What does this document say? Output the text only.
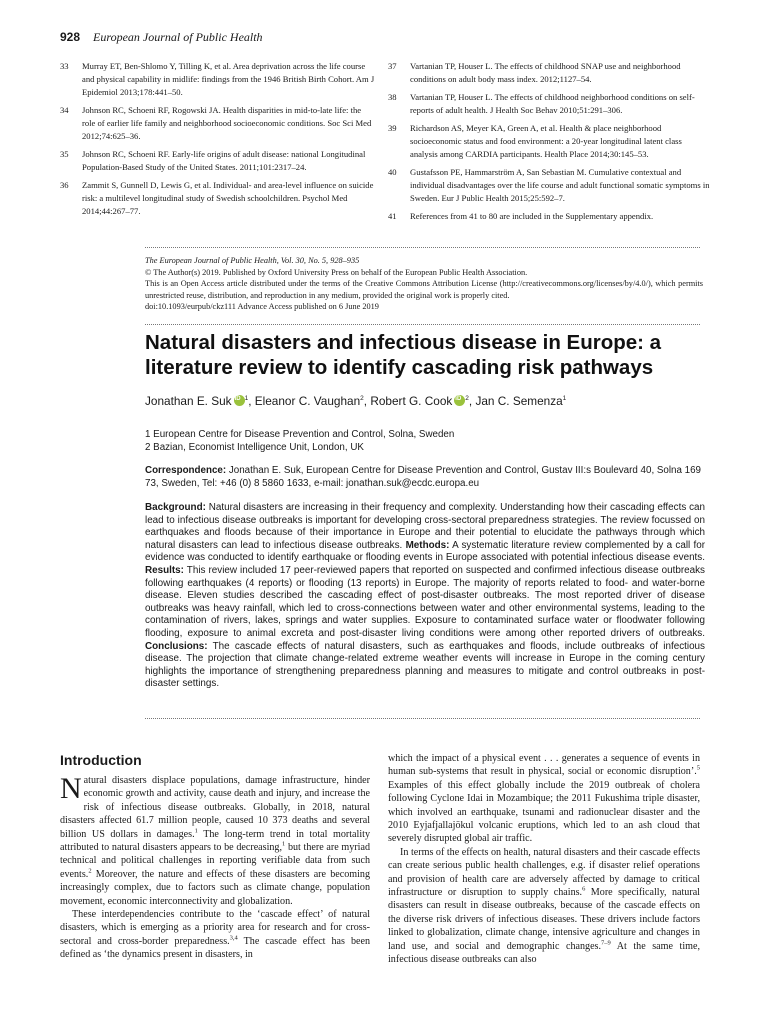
928 European Journal of Public Health
33	Murray ET, Ben-Shlomo Y, Tilling K, et al. Area deprivation across the life course and physical capability in midlife: findings from the 1946 British Birth Cohort. Am J Epidemiol 2013;178:441–50.
34	Johnson RC, Schoeni RF, Rogowski JA. Health disparities in mid-to-late life: the role of earlier life family and neighborhood socioeconomic conditions. Soc Sci Med 2012;74:625–36.
35	Johnson RC, Schoeni RF. Early-life origins of adult disease: national Longitudinal Population-Based Study of the United States. 2011;101:2317–24.
36	Zammit S, Gunnell D, Lewis G, et al. Individual- and area-level influence on suicide risk: a multilevel longitudinal study of Swedish schoolchildren. Psychol Med 2014;44:267–77.
37	Vartanian TP, Houser L. The effects of childhood SNAP use and neighborhood conditions on adult body mass index. 2012;1127–54.
38	Vartanian TP, Houser L. The effects of childhood neighborhood conditions on self-reports of adult health. J Health Soc Behav 2010;51:291–306.
39	Richardson AS, Meyer KA, Green A, et al. Health & place neighborhood socioeconomic status and food environment: a 20-year longitudinal latent class analysis among CARDIA participants. Health Place 2014;30:145–53.
40	Gustafsson PE, Hammarström A, San Sebastian M. Cumulative contextual and individual disadvantages over the life course and adult functional somatic symptoms in Sweden. Eur J Public Health 2015;25:592–7.
41	References from 41 to 80 are included in the Supplementary appendix.
The European Journal of Public Health, Vol. 30, No. 5, 928–935
© The Author(s) 2019. Published by Oxford University Press on behalf of the European Public Health Association.
This is an Open Access article distributed under the terms of the Creative Commons Attribution License (http://creativecommons.org/licenses/by/4.0/), which permits unrestricted reuse, distribution, and reproduction in any medium, provided the original work is properly cited.
doi:10.1093/eurpub/ckz111 Advance Access published on 6 June 2019
Natural disasters and infectious disease in Europe: a literature review to identify cascading risk pathways
Jonathan E. Suk iD $^1$, Eleanor C. Vaughan$^2$, Robert G. Cook iD $^2$, Jan C. Semenza$^1$
1 European Centre for Disease Prevention and Control, Solna, Sweden
2 Bazian, Economist Intelligence Unit, London, UK
Correspondence: Jonathan E. Suk, European Centre for Disease Prevention and Control, Gustav III:s Boulevard 40, Solna 169 73, Sweden, Tel: +46 (0) 8 5860 1633, e-mail: jonathan.suk@ecdc.europa.eu
Background: Natural disasters are increasing in their frequency and complexity. Understanding how their cascading effects can lead to infectious disease outbreaks is important for developing cross-sectoral preparedness strategies. The review focussed on earthquakes and floods because of their importance in Europe and their potential to elucidate the pathways through which natural disasters can lead to infectious disease outbreaks. Methods: A systematic literature review complemented by a call for evidence was conducted to identify earthquake or flooding events in Europe associated with potential infectious disease events. Results: This review included 17 peer-reviewed papers that reported on suspected and confirmed infectious disease outbreaks following earthquakes (4 reports) or flooding (13 reports) in Europe. The majority of reports related to food- and water-borne disease. Eleven studies described the cascading effect of post-disaster outbreaks. The most reported driver of disease outbreaks was heavy rainfall, which led to cross-connections between water and other environmental systems, leading to the contamination of rivers, lakes, springs and water supplies. Exposure to contaminated surface water or floodwater following flooding, exposure to animal excreta and post-disaster living conditions were among other reported drivers of outbreaks. Conclusions: The cascade effects of natural disasters, such as earthquakes and floods, include outbreaks of infectious disease. The projection that climate change-related extreme weather events will increase in Europe in the coming century highlights the importance of strengthening preparedness planning and measures to mitigate and control outbreaks in post-disaster settings.
Introduction

Natural disasters displace populations, damage infrastructure, hinder economic growth and activity, cause death and injury, and increase the risk of infectious disease outbreaks. Globally, in 2018, natural disasters affected 61.7 million people, caused 10 373 deaths and several billion US dollars in damages.$^1$ The long-term trend in total mortality attributed to natural disasters appears to be decreasing,$^1$ but there are myriad technical and political challenges in reporting verifiable data from such events.$^2$ Moreover, the nature and effects of these disasters are becoming increasingly complex, due to factors such as climate change, population movement, economic interconnectivity and globalization.

These interdependencies contribute to the ‘cascade effect’ of natural disasters, which is emerging as a priority area for research and for cross-sectoral and cross-border preparedness.$^{3,4}$ The cascade effect has been defined as ‘the dynamics present in disasters, in

which the impact of a physical event . . . generates a sequence of events in human sub-systems that result in physical, social or economic disruption’.$^5$ Examples of this effect globally include the 2019 outbreak of cholera following Cyclone Idai in Mozambique; the 2011 Fukushima triple disaster, which involved an earthquake, tsunami and radionuclear disaster and the 2010 Eyjafjallajökul volcanic eruptions, which led to an ash cloud that severely disrupted global air traffic.

In terms of the effects on health, natural disasters and their cascade effects can create serious public health challenges, e.g. if disaster relief operations and provision of health care are adversely affected by damage to critical infrastructure or disruption to supply chains.$^6$ More specifically, natural disasters can result in disease outbreaks, because of the cascade effects on the diverse risk drivers of infectious diseases. These drivers include factors linked to globalization, climate change, intensive agriculture and changes in land use, and social and demographic changes.$^{7-9}$ At the same time, infectious disease outbreaks can also
